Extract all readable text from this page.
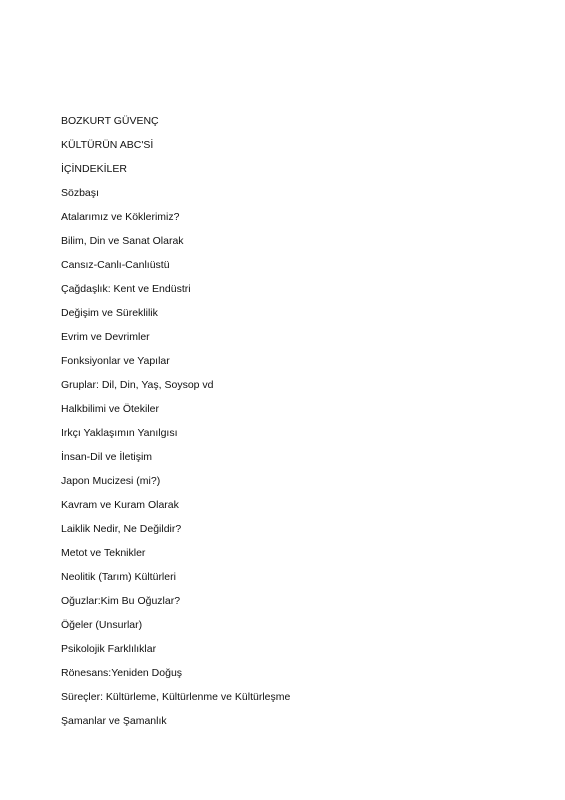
BOZKURT GÜVENÇ
KÜLTÜRÜN ABC'Sİ
İÇİNDEKİLER
Sözbaşı
Atalarımız ve Köklerimiz?
Bilim, Din ve Sanat Olarak
Cansız-Canlı-Canlıüstü
Çağdaşlık: Kent ve Endüstri
Değişim ve Süreklilik
Evrim ve Devrimler
Fonksiyonlar ve Yapılar
Gruplar: Dil, Din, Yaş, Soysop vd
Halkbilimi ve Ötekiler
Irkçı Yaklaşımın Yanılgısı
İnsan-Dil ve İletişim
Japon Mucizesi (mi?)
Kavram ve Kuram Olarak
Laiklik Nedir, Ne Değildir?
Metot ve Teknikler
Neolitik (Tarım) Kültürleri
Oğuzlar:Kim Bu Oğuzlar?
Öğeler (Unsurlar)
Psikolojik Farklılıklar
Rönesans:Yeniden Doğuş
Süreçler: Kültürleme, Kültürlenme ve Kültürleşme
Şamanlar ve Şamanlık
